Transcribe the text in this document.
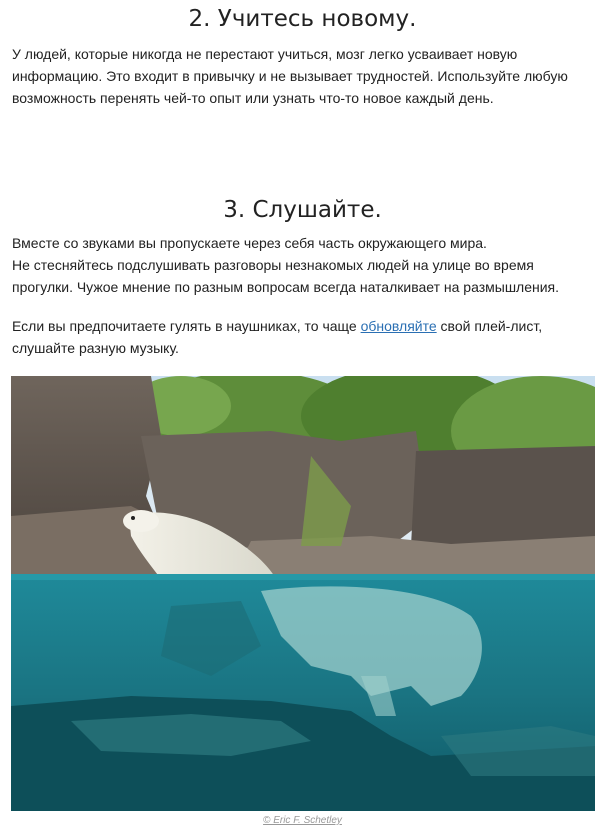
2. Учитесь новому.

У людей, которые никогда не перестают учиться, мозг легко усваивает новую информацию. Это входит в привычку и не вызывает трудностей. Используйте любую возможность перенять чей-то опыт или узнать что-то новое каждый день.

3. Слушайте.
Вместе со звуками вы пропускаете через себя часть окружающего мира.
Не стесняйтесь подслушивать разговоры незнакомых людей на улице во время прогулки. Чужое мнение по разным вопросам всегда наталкивает на размышления.

Если вы предпочитаете гулять в наушниках, то чаще обновляйте свой плей-лист, слушайте разную музыку.

© Eric F. Schetley
